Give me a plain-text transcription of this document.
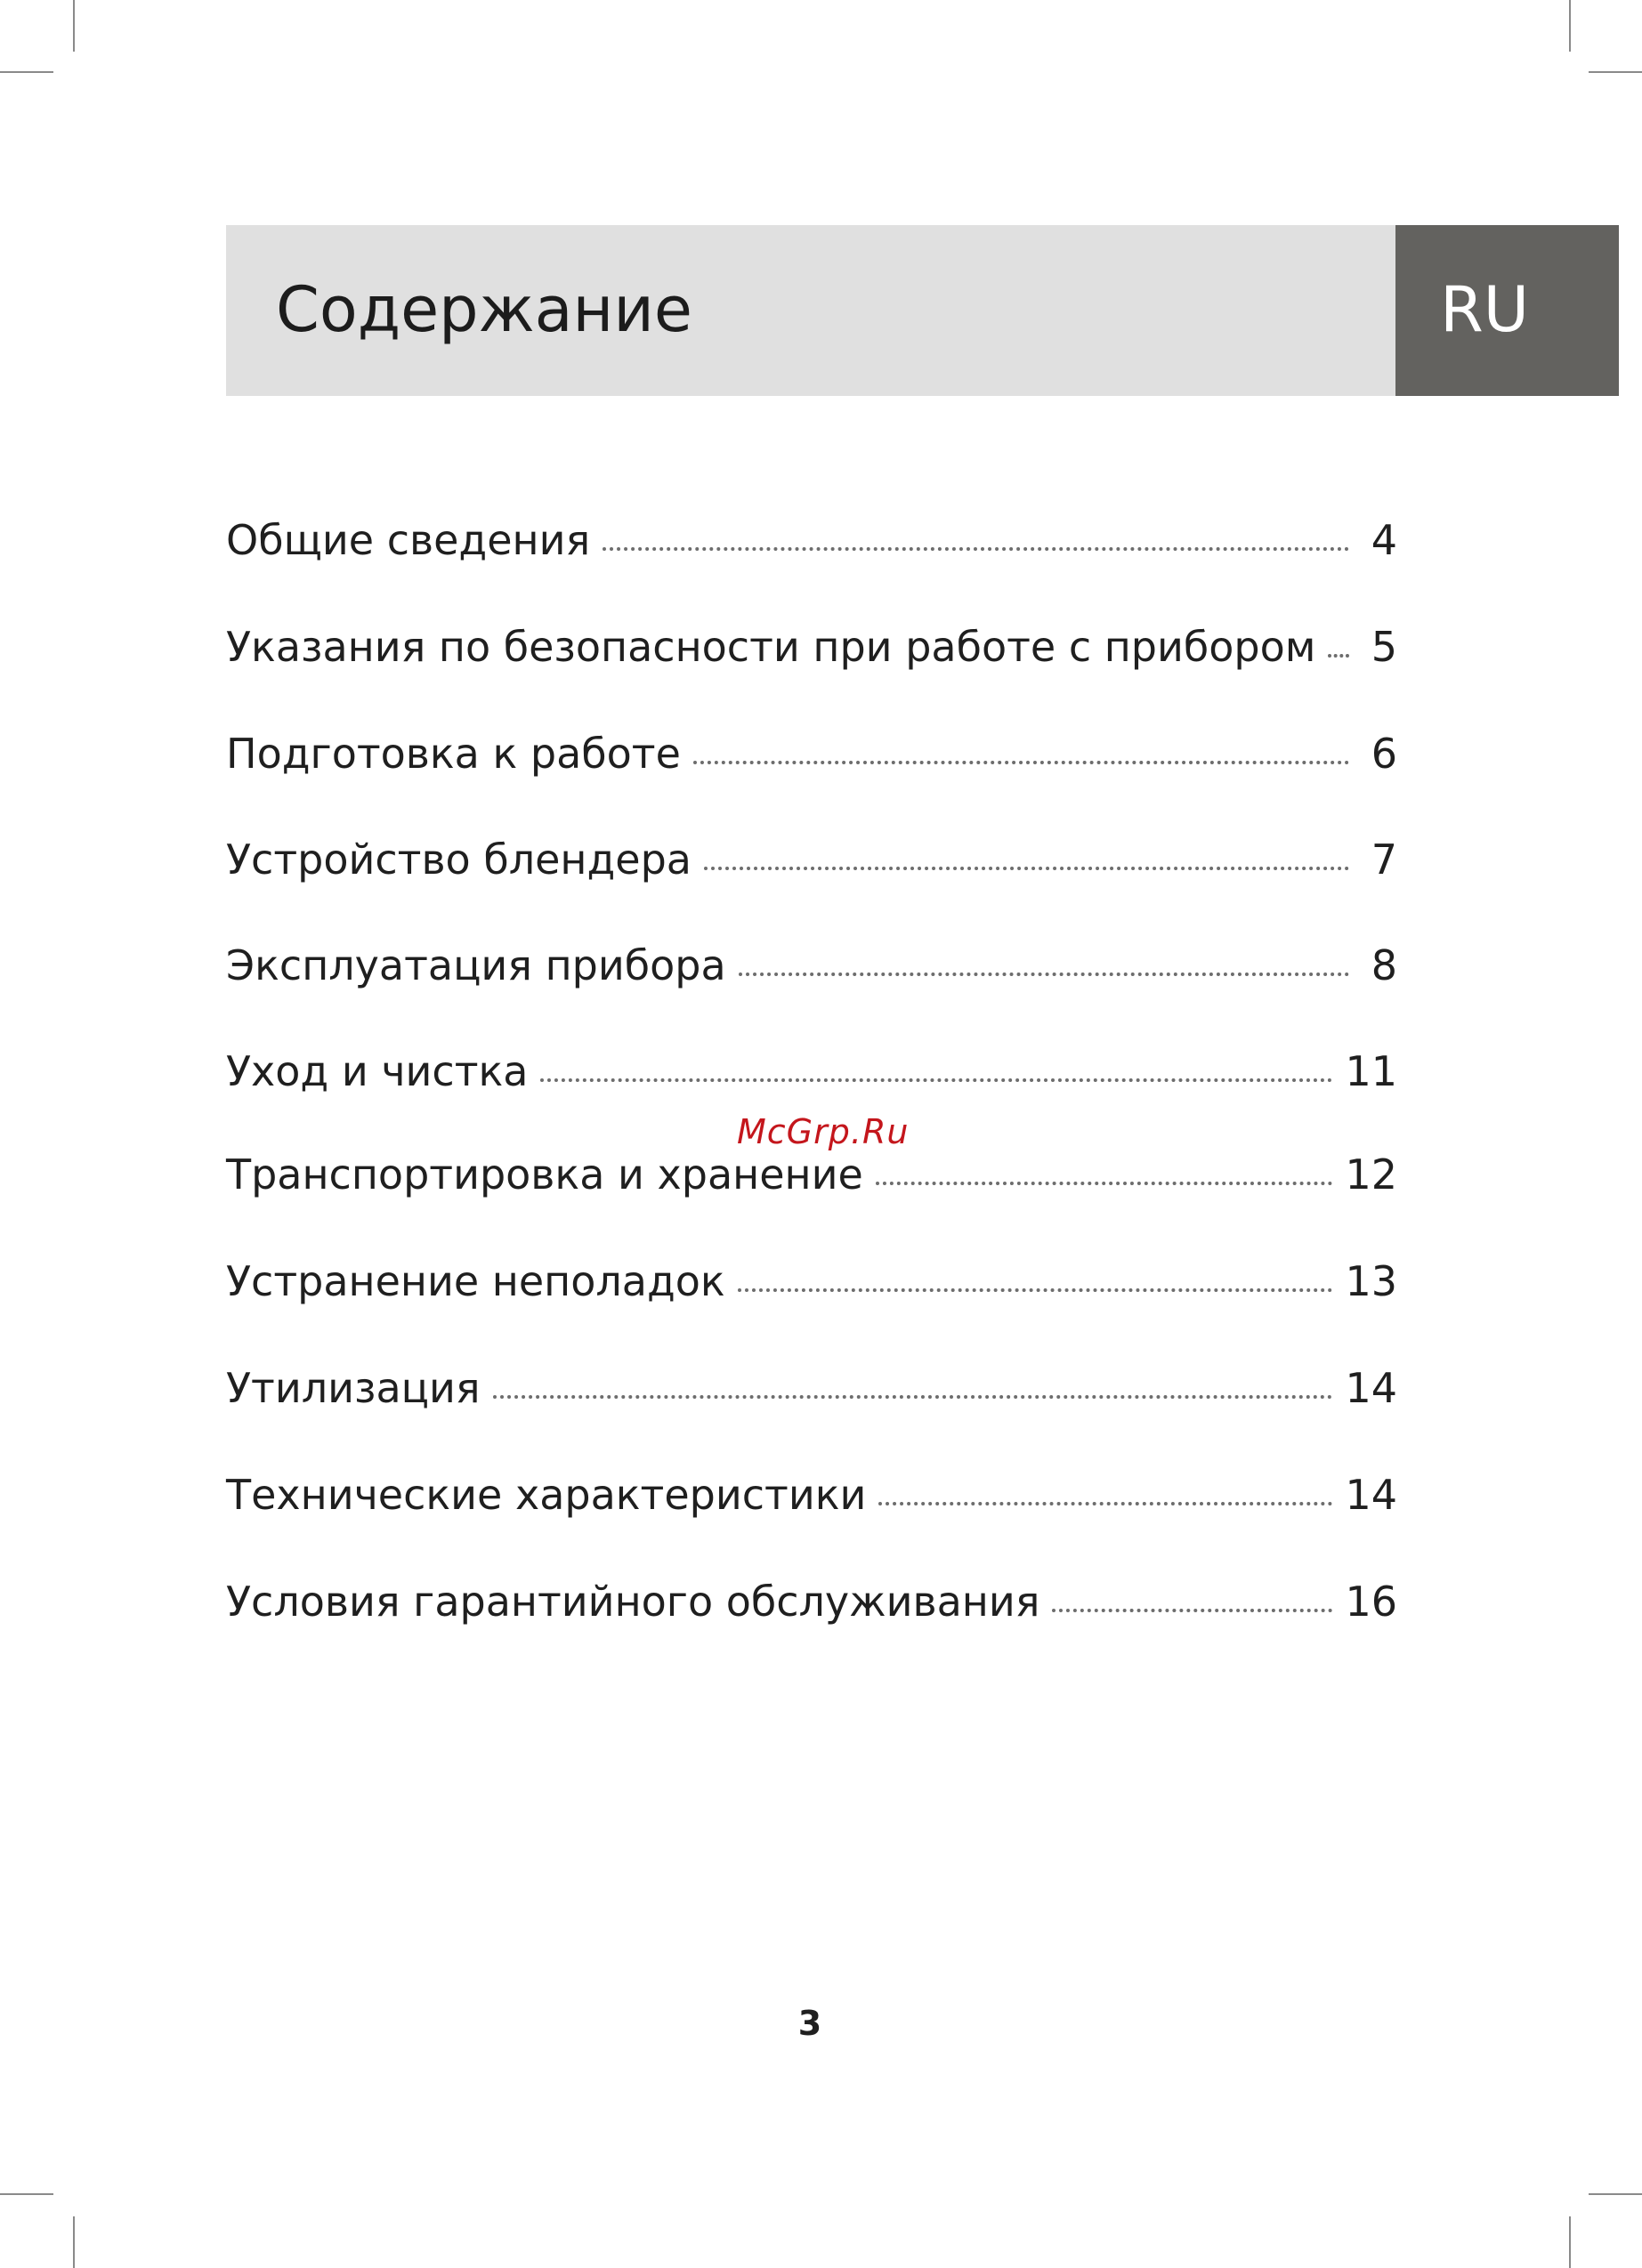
Содержание	RU
Общие сведения	4
Указания по безопасности при работе с прибором 5
Подготовка к работе	6
Устройство блендера	7
Эксплуатация прибора	8
Уход и чистка	11
Транспортировка и хранение	12
Устранение неполадок	13
Утилизация	14
Технические характеристики	14
Условия гарантийного обслуживания	16
McGrp.Ru
3
